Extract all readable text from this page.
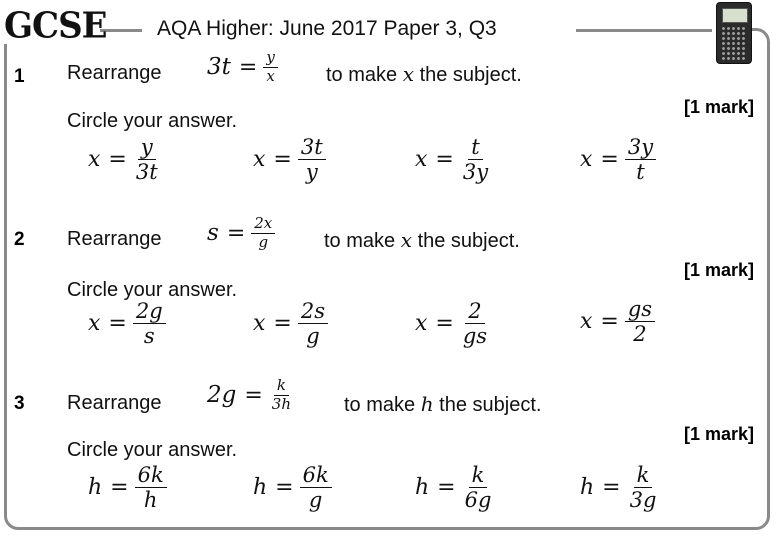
GCSE AQA Higher: June 2017 Paper 3, Q3
1 Rearrange $3t = \frac{y}{x}$ to make x the subject.
[1 mark]
Circle your answer.
$x = \frac{y}{3t}$	$x = \frac{3t}{y}$	$x = \frac{t}{3y}$	$x = \frac{3y}{t}$
2 Rearrange $s = \frac{2x}{g}$ to make x the subject.
[1 mark]
Circle your answer.
$x = \frac{2g}{s}$	$x = \frac{2s}{g}$	$x = \frac{2}{gs}$	$x = \frac{gs}{2}$
3 Rearrange $2g = \frac{k}{3h}$ to make h the subject.
[1 mark]
Circle your answer.
$h = \frac{6k}{h}$	$h = \frac{6k}{g}$	$h = \frac{k}{6g}$	$h = \frac{k}{3g}$
